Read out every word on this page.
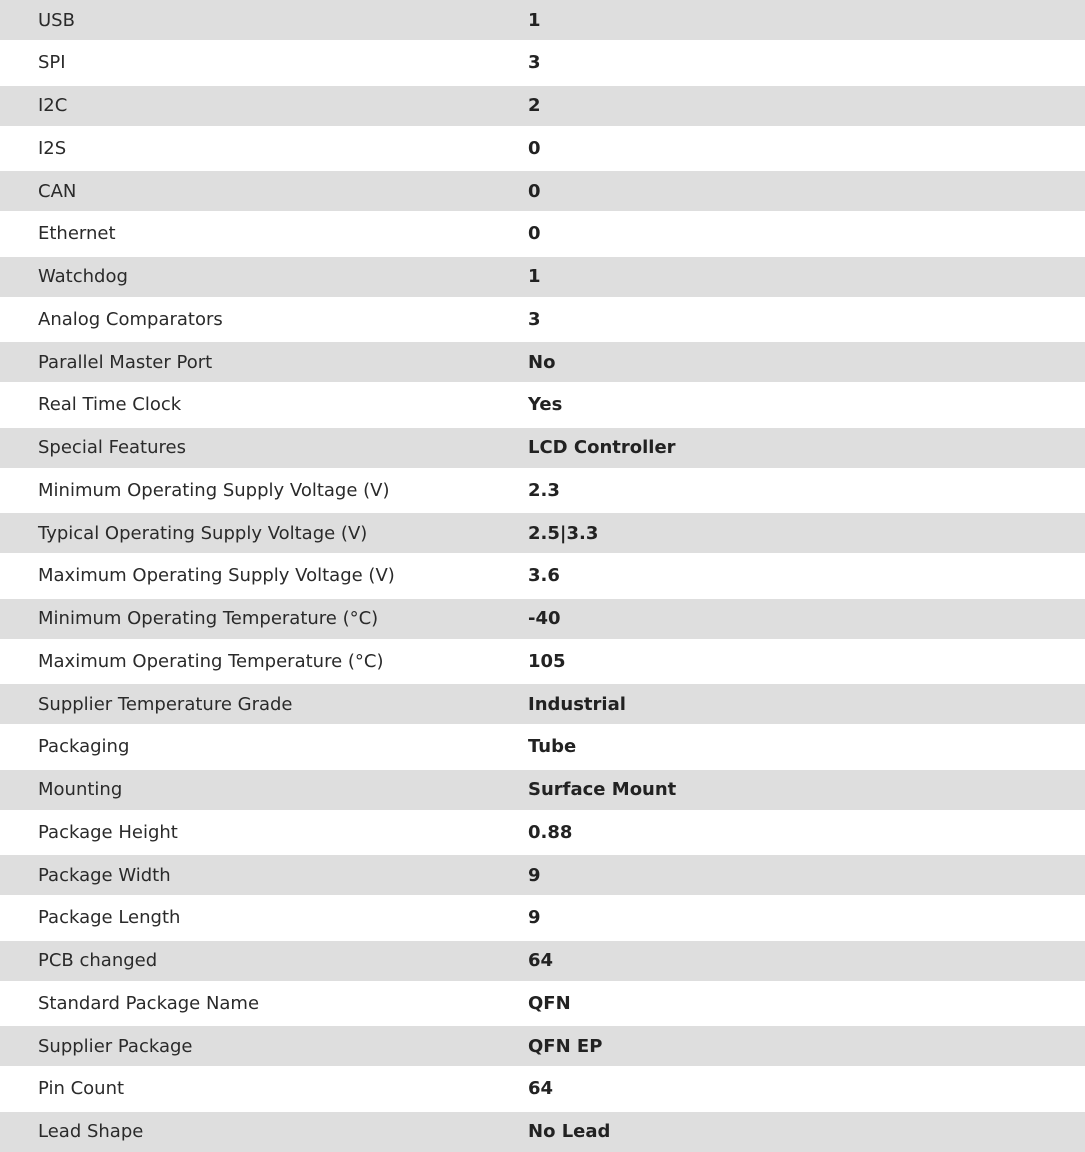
USB	1
SPI	3
I2C	2
I2S	0
CAN	0
Ethernet	0
Watchdog	1
Analog Comparators	3
Parallel Master Port	No
Real Time Clock	Yes
Special Features	LCD Controller
Minimum Operating Supply Voltage (V)	2.3
Typical Operating Supply Voltage (V)	2.5|3.3
Maximum Operating Supply Voltage (V)	3.6
Minimum Operating Temperature (°C)	-40
Maximum Operating Temperature (°C)	105
Supplier Temperature Grade	Industrial
Packaging	Tube
Mounting	Surface Mount
Package Height	0.88
Package Width	9
Package Length	9
PCB changed	64
Standard Package Name	QFN
Supplier Package	QFN EP
Pin Count	64
Lead Shape	No Lead
